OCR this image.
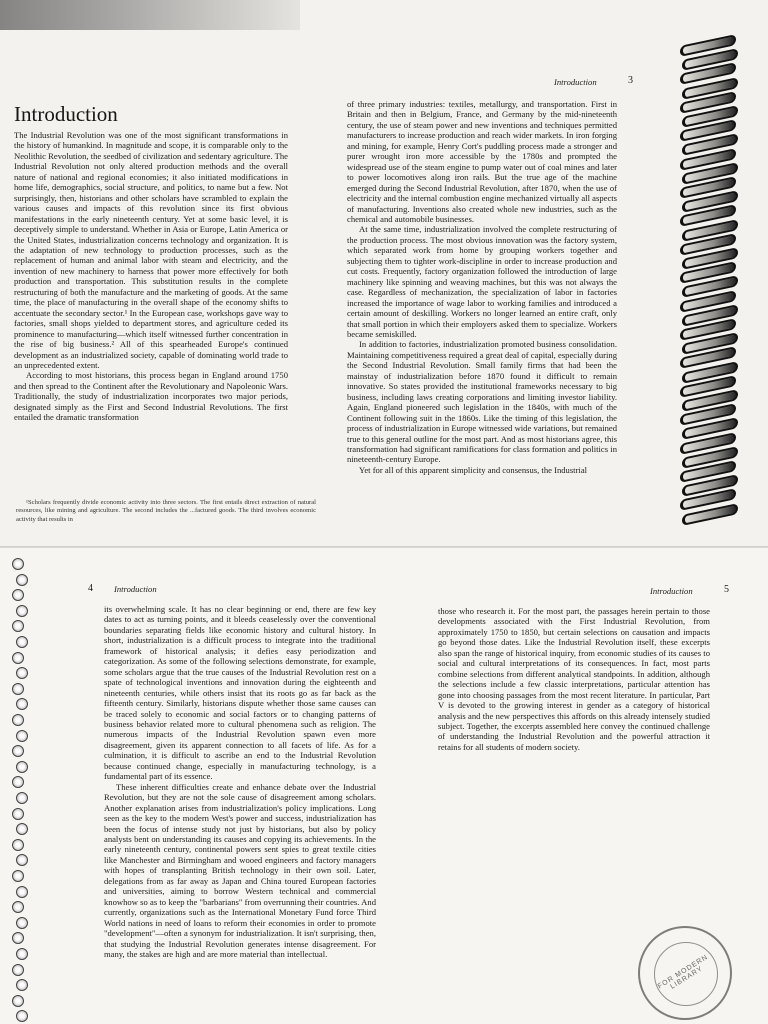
Introduction

The Industrial Revolution was one of the most significant transformations in the history of humankind. In magnitude and scope, it is comparable only to the Neolithic Revolution, the seedbed of civilization and sedentary agriculture. The Industrial Revolution not only altered production methods and the overall nature of national and regional economies; it also initiated modifications in home life, demographics, social structure, and politics, to name but a few. Not surprisingly, then, historians and other scholars have scrambled to explain the various causes and impacts of this revolution since its first obvious manifestations in the early nineteenth century. Yet at some basic level, it is deceptively simple to understand. Whether in Asia or Europe, Latin America or the United States, industrialization concerns technology and organization. It is the adaptation of new technology to production processes, such as the replacement of human and animal labor with steam and electricity, and the invention of new machinery to harness that power more effectively for both production and transportation. This substitution results in the complete restructuring of both the manufacture and the marketing of goods. At the same time, the place of manufacturing in the overall shape of the economy shifts to accentuate the secondary sector.¹ In the European case, workshops gave way to factories, small shops yielded to department stores, and agriculture ceded its prominence to manufacturing—which itself witnessed further concentration in the rise of big business.² All of this spearheaded Europe's continued development as an industrialized society, capable of dominating world trade to an unprecedented extent.

According to most historians, this process began in England around 1750 and then spread to the Continent after the Revolutionary and Napoleonic Wars. Traditionally, the study of industrialization incorporates two major periods, designated simply as the First and Second Industrial Revolutions. The first entailed the dramatic transformation

¹Scholars frequently divide economic activity into three sectors. The first entails direct extraction of natural resources, like mining and agriculture. The second includes the ...factured goods. The third involves economic activity that results in

Introduction	3

of three primary industries: textiles, metallurgy, and transportation. First in Britain and then in Belgium, France, and Germany by the mid-nineteenth century, the use of steam power and new inventions and techniques permitted manufacturers to increase production and reach wider markets. In iron forging and mining, for example, Henry Cort's puddling process made a stronger and purer wrought iron more accessible by the 1780s and prompted the widespread use of the steam engine to pump water out of coal mines and later to power locomotives along iron rails. But the true age of the machine emerged during the Second Industrial Revolution, after 1870, when the use of electricity and the internal combustion engine mechanized virtually all aspects of manufacturing. Inventions also created whole new industries, such as the chemical and automobile businesses.

At the same time, industrialization involved the complete restructuring of the production process. The most obvious innovation was the factory system, which separated work from home by grouping workers together and subjecting them to tighter work-discipline in order to increase production and cut costs. Frequently, factory organization followed the introduction of large machinery like spinning and weaving machines, but this was not always the case. Regardless of mechanization, the specialization of labor in factories increased the importance of wage labor to working families and introduced a certain amount of deskilling. Workers no longer learned an entire craft, only that small portion in which their employers asked them to specialize. Workers became semiskilled.

In addition to factories, industrialization promoted business consolidation. Maintaining competitiveness required a great deal of capital, especially during the Second Industrial Revolution. Small family firms that had been the mainstay of industrialization before 1870 found it difficult to remain innovative. So states provided the institutional frameworks necessary to big business, including laws creating corporations and limiting investor liability. Again, England pioneered such legislation in the 1840s, with much of the Continent following suit in the 1860s. Like the timing of this legislation, the process of industrialization in Europe witnessed wide variations, but remained true to this general outline for the most part. And as most historians agree, this transformation had significant ramifications for class formation and politics in nineteenth-century Europe.

Yet for all of this apparent simplicity and consensus, the Industrial

4 Introduction

its overwhelming scale. It has no clear beginning or end, there are few key dates to act as turning points, and it bleeds ceaselessly over the conventional boundaries separating fields like economic history and cultural history. In short, industrialization is a difficult process to integrate into the traditional framework of historical analysis; it defies easy periodization and categorization. As some of the following selections demonstrate, for example, some scholars argue that the true causes of the Industrial Revolution rest on a spate of technological inventions and innovation during the eighteenth and nineteenth centuries, while others insist that its roots go as far back as the fifteenth century. Similarly, historians dispute whether those same causes can be traced solely to economic and social factors or to changing patterns of business behavior related more to cultural phenomena such as religion. The numerous impacts of the Industrial Revolution spawn even more disagreement, given its apparent connection to all facets of life. As for a culmination, it is difficult to ascribe an end to the Industrial Revolution because continued change, especially in manufacturing technology, is a fundamental part of its essence.

These inherent difficulties create and enhance debate over the Industrial Revolution, but they are not the sole cause of disagreement among scholars. Another explanation arises from industrialization's policy implications. Long seen as the key to the modern West's power and success, industrialization has been the focus of intense study not just by historians, but also by policy analysts bent on understanding its causes and copying its achievements. In the early nineteenth century, continental powers sent spies to great textile cities like Manchester and Birmingham and wooed engineers and factory managers with hopes of transplanting British technology in their own soil. Later, delegations from as far away as Japan and China toured European factories and universities, aiming to borrow Western technical and commercial knowhow so as to keep the "barbarians" from overrunning their countries. And currently, organizations such as the International Monetary Fund force Third World nations in need of loans to reform their economies in order to promote "development"—often a synonym for industrialization. It isn't surprising, then, that studying the Industrial Revolution generates intense disagreement. For many, the stakes are high and are more material than intellectual.

Introduction	5

those who research it. For the most part, the passages herein pertain to those developments associated with the First Industrial Revolution, from approximately 1750 to 1850, but certain selections on causation and impacts go beyond those dates. Like the Industrial Revolution itself, these excerpts also span the range of historical inquiry, from economic studies of its causes to social and cultural interpretations of its consequences. In fact, most parts combine selections from different analytical standpoints. In addition, although the selections include a few classic interpretations, particular attention has gone into choosing passages from the most recent literature. In particular, Part V is devoted to the growing interest in gender as a category of historical analysis and the new perspectives this affords on this already intensely studied subject. Together, the excerpts assembled here convey the continued challenge of understanding the Industrial Revolution and the powerful attraction it retains for all students of modern society.

FOR MODERN LIBRARY
